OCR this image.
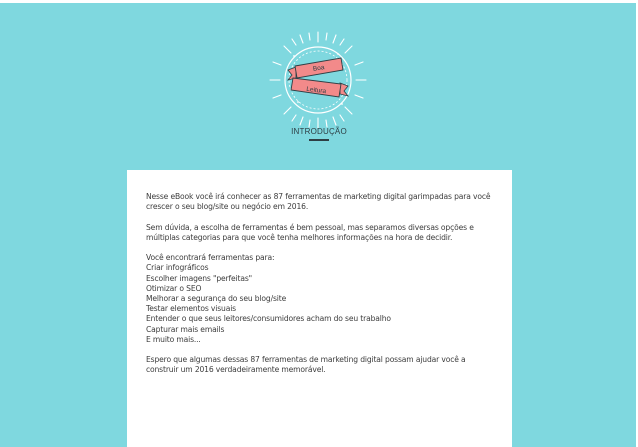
Boa
Leitura
INTRODUÇÃO

Nesse eBook você irá conhecer as 87 ferramentas de marketing digital garimpadas para você

crescer o seu blog/site ou negócio em 2016.

Sem dúvida, a escolha de ferramentas é bem pessoal, mas separamos diversas opções e

múltiplas categorias para que você tenha melhores informações na hora de decidir.

Você encontrará ferramentas para:

Criar infográficos

Escolher imagens "perfeitas"

Otimizar o SEO

Melhorar a segurança do seu blog/site

Testar elementos visuais

Entender o que seus leitores/consumidores acham do seu trabalho

Capturar mais emails

E muito mais...

Espero que algumas dessas 87 ferramentas de marketing digital possam ajudar você a

construir um 2016 verdadeiramente memorável.
